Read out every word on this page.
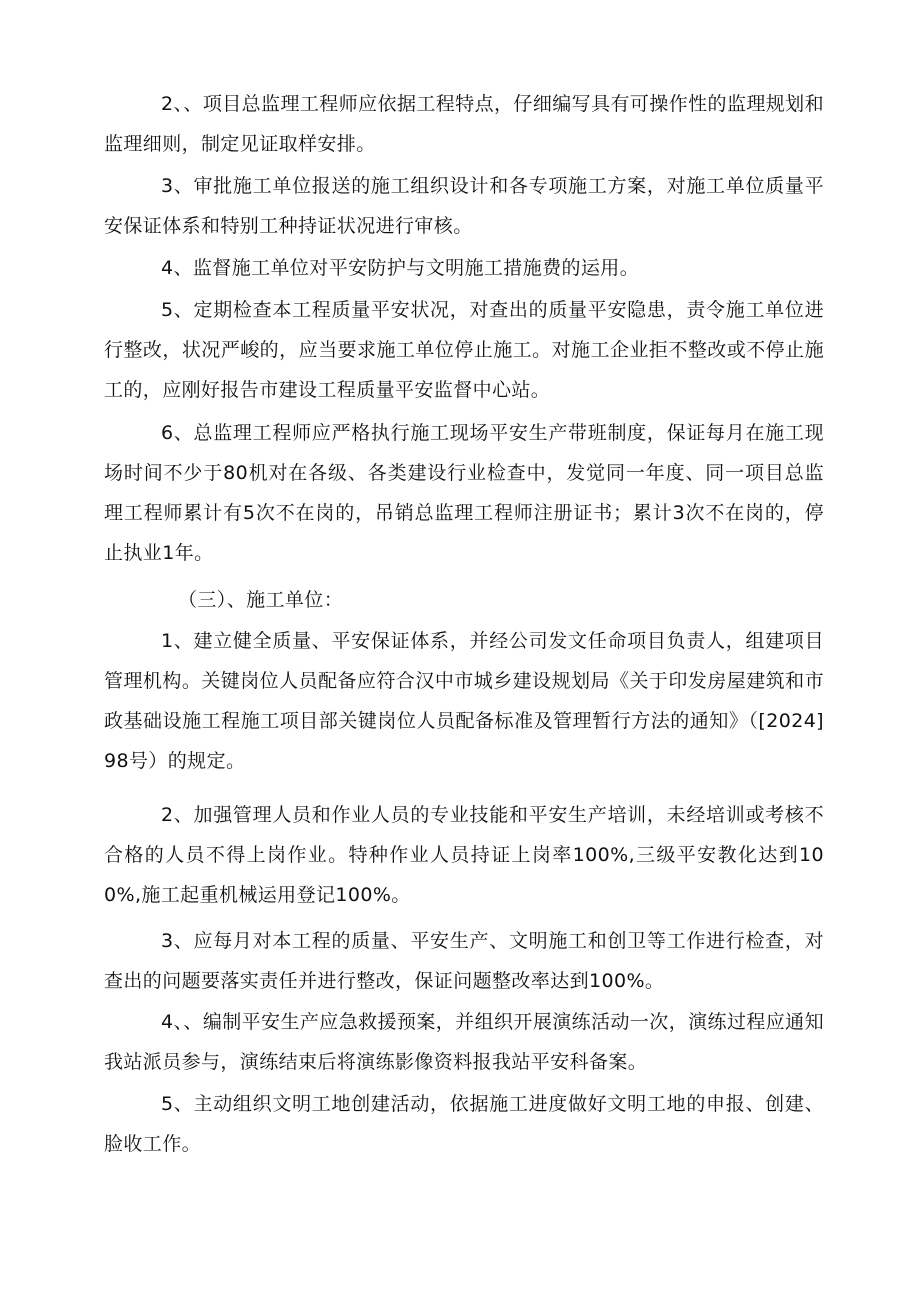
2、、项目总监理工程师应依据工程特点，仔细编写具有可操作性的监理规划和监理细则，制定见证取样安排。

3、审批施工单位报送的施工组织设计和各专项施工方案，对施工单位质量平安保证体系和特别工种持证状况进行审核。

4、监督施工单位对平安防护与文明施工措施费的运用。

5、定期检查本工程质量平安状况，对查出的质量平安隐患，责令施工单位进行整改，状况严峻的，应当要求施工单位停止施工。对施工企业拒不整改或不停止施工的，应刚好报告市建设工程质量平安监督中心站。

6、总监理工程师应严格执行施工现场平安生产带班制度，保证每月在施工现场时间不少于80机对在各级、各类建设行业检查中，发觉同一年度、同一项目总监理工程师累计有5次不在岗的，吊销总监理工程师注册证书；累计3次不在岗的，停止执业1年。

（三）、施工单位：

1、建立健全质量、平安保证体系，并经公司发文任命项目负责人，组建项目管理机构。关键岗位人员配备应符合汉中市城乡建设规划局《关于印发房屋建筑和市政基础设施工程施工项目部关键岗位人员配备标准及管理暂行方法的通知》（[2024]98号）的规定。

2、加强管理人员和作业人员的专业技能和平安生产培训，未经培训或考核不合格的人员不得上岗作业。特种作业人员持证上岗率100%,三级平安教化达到100%,施工起重机械运用登记100%。

3、应每月对本工程的质量、平安生产、文明施工和创卫等工作进行检查，对查出的问题要落实责任并进行整改，保证问题整改率达到100%。

4、、编制平安生产应急救援预案，并组织开展演练活动一次，演练过程应通知我站派员参与，演练结束后将演练影像资料报我站平安科备案。

5、主动组织文明工地创建活动，依据施工进度做好文明工地的申报、创建、脸收工作。
